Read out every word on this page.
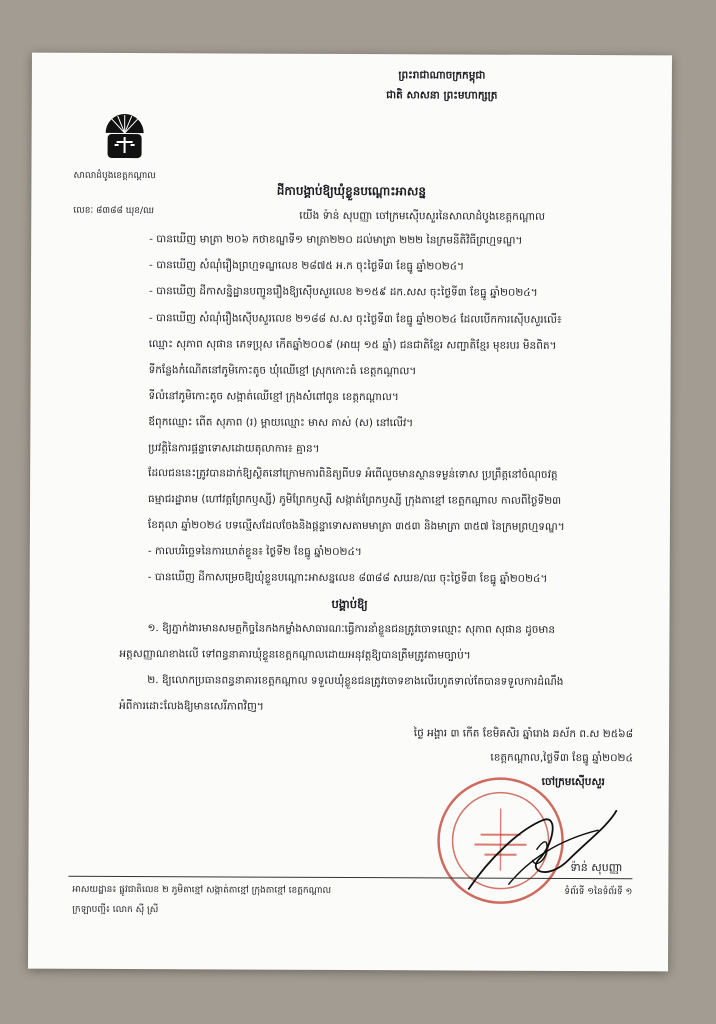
ព្រះរាជាណាចក្រកម្ពុជា
ជាតិ សាសនា ព្រះមហាក្សត្រ
សាលាដំបូងខេត្តកណ្ដាល
លេខៈ ៨៣៨៨ ឃុខ/ឈ
ដីកាបង្គាប់ឱ្យឃុំខ្លួនបណ្ដោះអាសន្ន
យើង ទ៉ាន់ សុបញ្ញា ចៅក្រមស៊ើបសួរនៃសាលាដំបូងខេត្តកណ្ដាល
- បានឃើញ មាត្រា ២០៦ កថាខណ្ឌទី១ មាត្រា២២០ ដល់មាត្រា ២២២ នៃក្រមនីតិវិធីព្រហ្មទណ្ឌ។
- បានឃើញ សំណុំរឿងព្រហ្មទណ្ឌលេខ ២៨៧៥ អ.ក ចុះថ្ងៃទី៣ ខែធ្នូ ឆ្នាំ២០២៤។
- បានឃើញ ដីកាសន្និដ្ឋានបញ្ជូនរឿងឱ្យស៊ើបសួរលេខ ២១៥៩ ដក.សស ចុះថ្ងៃទី៣ ខែធ្នូ ឆ្នាំ២០២៤។
- បានឃើញ សំណុំរឿងស៊ើបសួរលេខ ២១៨៨ ស.ស ចុះថ្ងៃទី៣ ខែធ្នូ ឆ្នាំ២០២៤ ដែលបើកការស៊ើបសួរលើ៖
ឈ្មោះ សុភាព សុផាន ភេទប្រុស កើតឆ្នាំ២០០៩ (អាយុ ១៥ ឆ្នាំ) ជនជាតិខ្មែរ សញ្ជាតិខ្មែរ មុខរបរ មិនពិត។
ទីកន្លែងកំណើតនៅភូមិកោះតូច ឃុំឈើខ្មៅ ស្រុកកោះធំ ខេត្តកណ្ដាល។
ទីលំនៅភូមិកោះតូច សង្កាត់ឈើខ្មៅ ក្រុងសំពៅពូន ខេត្តកណ្ដាល។
ឪពុកឈ្មោះ ពើត សុភាព (រ) ម្ដាយឈ្មោះ មាស ភាស់ (ស) នៅលើវ។
ប្រវត្តិនៃការផ្ដន្ទាទោសដោយតុលាការ៖ គ្មាន។
ដែលជននេះត្រូវបានដាក់ឱ្យស្ថិតនៅក្រោមការពិនិត្យពីបទ អំពើលួចមានស្ថានទម្ងន់ទោស ប្រព្រឹត្តនៅចំណុចវត្ត
ធម្មាជរដ្ឋារាម (ហៅវត្តព្រែកឫស្សី) ភូមិព្រែកឫស្សី សង្កាត់ព្រែកឫស្សី ក្រុងតាខ្មៅ ខេត្តកណ្ដាល កាលពីថ្ងៃទី២៣
ខែតុលា ឆ្នាំ២០២៤ បទល្មើសដែលចែងនិងផ្ដន្ទាទោសតាមមាត្រា ៣៥៣ និងមាត្រា ៣៥៧ នៃក្រមព្រហ្មទណ្ឌ។
- កាលបរិច្ឆេទនៃការឃាត់ខ្លួន៖ ថ្ងៃទី២ ខែធ្នូ ឆ្នាំ២០២៤។
- បានឃើញ ដីកាសម្រេចឱ្យឃុំខ្លួនបណ្ដោះអាសន្នលេខ ៨៣៨៨ សឃខ/ឈ ចុះថ្ងៃទី៣ ខែធ្នូ ឆ្នាំ២០២៤។
បង្គាប់ឱ្យ
១. ឱ្យភ្នាក់ងារមានសមត្ថកិច្ចនៃកងកម្លាំងសាធារណៈធ្វើការនាំខ្លួនជនត្រូវចោទឈ្មោះ សុភាព សុផាន ដូចមាន
អត្តសញ្ញាណខាងលើ ទៅពន្ធនាគារឃុំខ្លួនខេត្តកណ្ដាលដោយអនុវត្តឱ្យបានត្រឹមត្រូវតាមច្បាប់។
២. ឱ្យលោកប្រធានពន្ធនាគារខេត្តកណ្ដាល ទទួលឃុំខ្លួនជនត្រូវចោទខាងលើរហូតទាល់តែបានទទួលការដំណឹង
អំពីការដោះលែងឱ្យមានសេរីភាពវិញ។
ថ្ងៃ អង្គារ ៣ កើត ខែមិគសិរ ឆ្នាំរោង ឆស័ក ព.ស ២៥៦៨
ខេត្តកណ្ដាល,ថ្ងៃទី៣ ខែធ្នូ ឆ្នាំ២០២៤
ចៅក្រមស៊ើបសួរ
ទ៉ាន់ សុបញ្ញា
អាសយដ្ឋាន៖ ផ្លូវជាតិលេខ ២ ភូមិតាខ្មៅ សង្កាត់តាខ្មៅ ក្រុងតាខ្មៅ ខេត្តកណ្ដាល
ក្រឡាបញ្ជី៖ លោក ស៊ី ស្រី
ទំព័រទី ១នៃទំព័រទី ១
